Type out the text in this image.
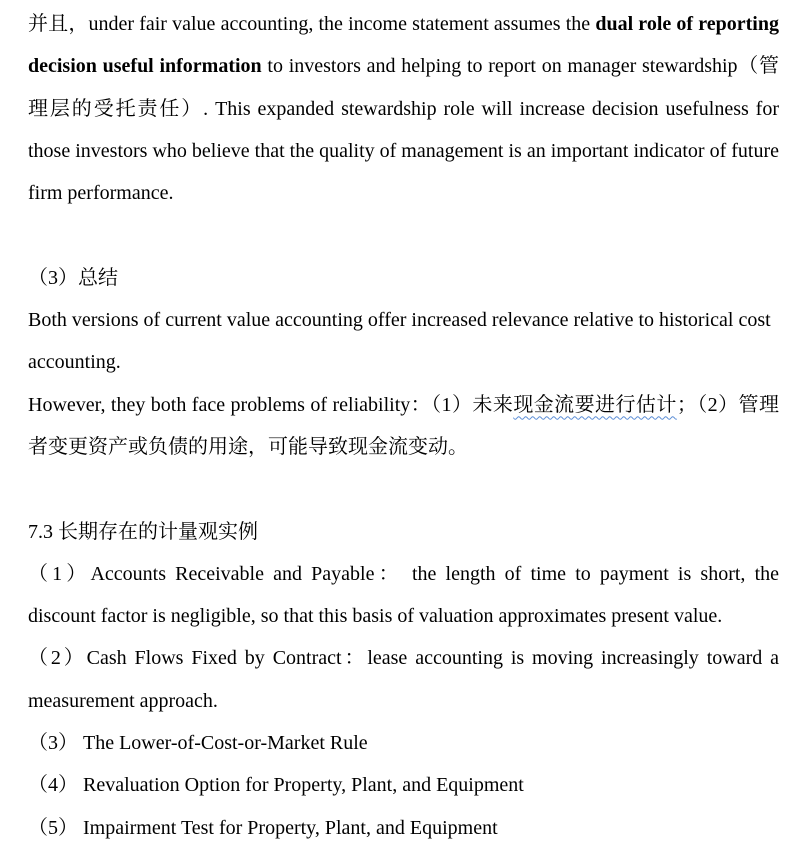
并且，under fair value accounting, the income statement assumes the dual role of reporting decision useful information to investors and helping to report on manager stewardship（管理层的受托责任）. This expanded stewardship role will increase decision usefulness for those investors who believe that the quality of management is an important indicator of future firm performance.

（3）总结

Both versions of current value accounting offer increased relevance relative to historical cost accounting.

However, they both face problems of reliability：（1）未来现金流要进行估计；（2）管理者变更资产或负债的用途，可能导致现金流变动。

7.3 长期存在的计量观实例

（1）Accounts Receivable and Payable： the length of time to payment is short, the discount factor is negligible, so that this basis of valuation approximates present value.

（2）Cash Flows Fixed by Contract：lease accounting is moving increasingly toward a measurement approach.

（3） The Lower-of-Cost-or-Market Rule

（4） Revaluation Option for Property, Plant, and Equipment

（5） Impairment Test for Property, Plant, and Equipment
